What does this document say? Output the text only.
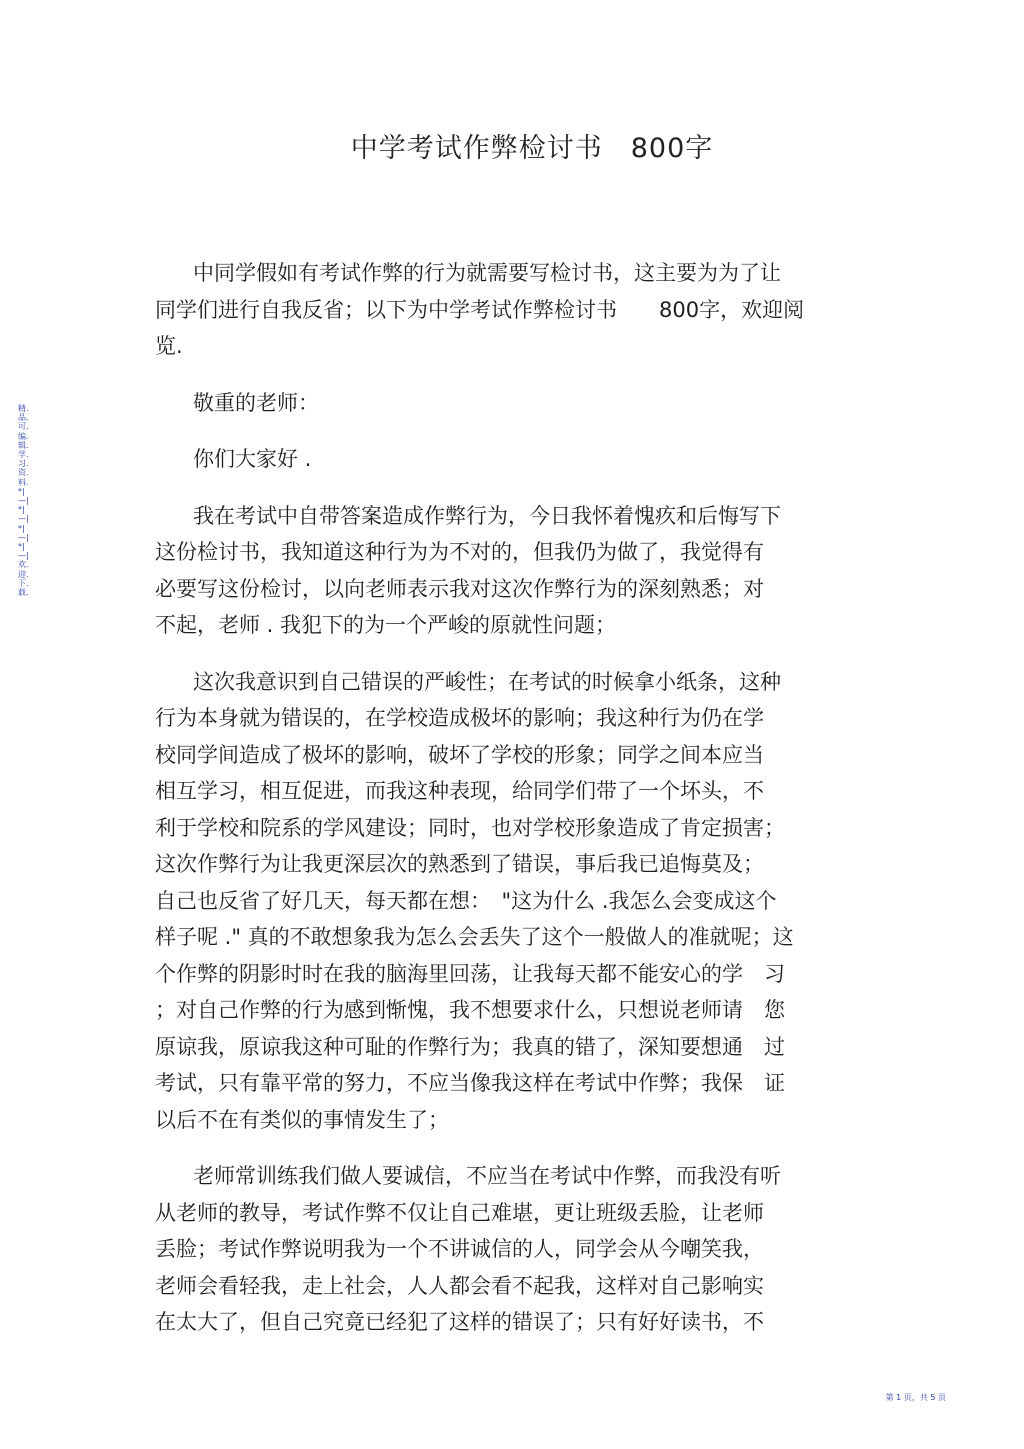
中学考试作弊检讨书　800字
中同学假如有考试作弊的行为就需要写检讨书，这主要为为了让
同学们进行自我反省；以下为中学考试作弊检讨书　　800字，欢迎阅
览.
敬重的老师：
你们大家好 .
我在考试中自带答案造成作弊行为，今日我怀着愧疚和后悔写下
这份检讨书，我知道这种行为为不对的，但我仍为做了，我觉得有
必要写这份检讨，以向老师表示我对这次作弊行为的深刻熟悉；对
不起，老师 . 我犯下的为一个严峻的原就性问题；
这次我意识到自己错误的严峻性；在考试的时候拿小纸条，这种
行为本身就为错误的，在学校造成极坏的影响；我这种行为仍在学
校同学间造成了极坏的影响，破坏了学校的形象；同学之间本应当
相互学习，相互促进，而我这种表现，给同学们带了一个坏头，不
利于学校和院系的学风建设；同时，也对学校形象造成了肯定损害；
这次作弊行为让我更深层次的熟悉到了错误，事后我已追悔莫及；
自己也反省了好几天，每天都在想：　"这为什么 .我怎么会变成这个
样子呢 ." 真的不敢想象我为怎么会丢失了这个一般做人的准就呢；这
个作弊的阴影时时在我的脑海里回荡，让我每天都不能安心的学　习
；对自己作弊的行为感到惭愧，我不想要求什么，只想说老师请　您
原谅我，原谅我这种可耻的作弊行为；我真的错了，深知要想通　过
考试，只有靠平常的努力，不应当像我这样在考试中作弊；我保　证
以后不在有类似的事情发生了；
老师常训练我们做人要诚信，不应当在考试中作弊，而我没有听
从老师的教导，考试作弊不仅让自己难堪，更让班级丢脸，让老师
丢脸；考试作弊说明我为一个不讲诚信的人，同学会从今嘲笑我，
老师会看轻我，走上社会，人人都会看不起我，这样对自己影响实
在太大了，但自己究竟已经犯了这样的错误了；只有好好读书，不
精.品.可.编.辑.学.习.资.料.*|—|*|—|*|—|*|—|欢.迎.下.载.
第 1 页，共 5 页
